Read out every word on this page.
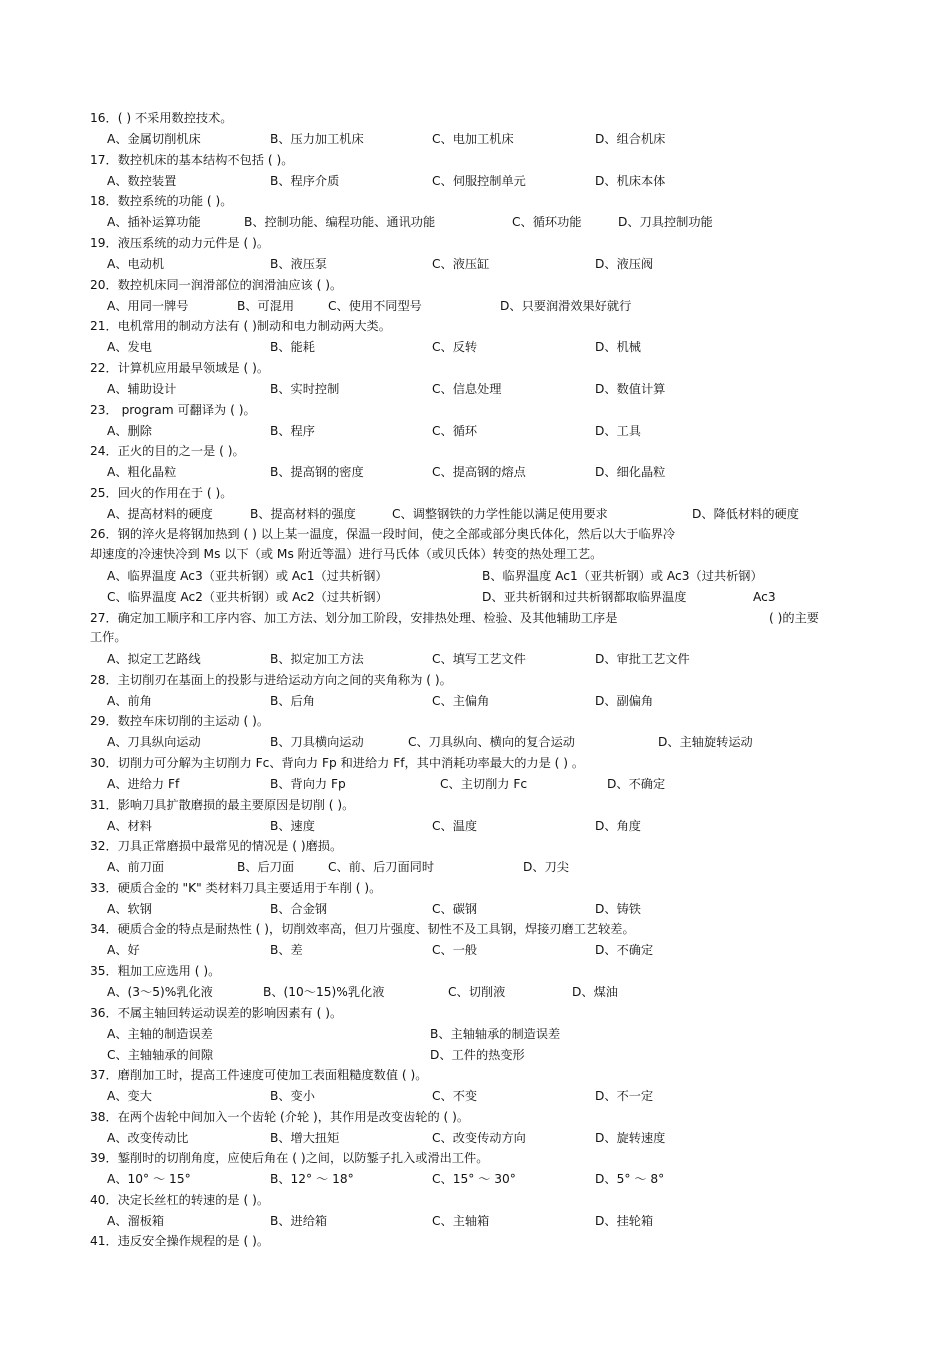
16．( ) 不采用数控技术。
A、金属切削机床	B、压力加工机床	C、电加工机床	D、组合机床
17．数控机床的基本结构不包括 ( )。
A、数控装置	B、程序介质	C、伺服控制单元	D、机床本体
18．数控系统的功能 ( )。
A、插补运算功能	B、控制功能、编程功能、通讯功能	C、循环功能	D、刀具控制功能
19．液压系统的动力元件是 ( )。
A、电动机	B、液压泵	C、液压缸	D、液压阀
20．数控机床同一润滑部位的润滑油应该 ( )。
A、用同一牌号	B、可混用	C、使用不同型号	D、只要润滑效果好就行
21．电机常用的制动方法有 ( )制动和电力制动两大类。
A、发电	B、能耗	C、反转	D、机械
22．计算机应用最早领域是 ( )。
A、辅助设计	B、实时控制	C、信息处理	D、数值计算
23． program 可翻译为 ( )。
A、删除	B、程序	C、循环	D、工具
24．正火的目的之一是 ( )。
A、粗化晶粒	B、提高钢的密度	C、提高钢的熔点	D、细化晶粒
25．回火的作用在于 ( )。
A、提高材料的硬度	B、提高材料的强度	C、调整钢铁的力学性能以满足使用要求	D、降低材料的硬度
26．钢的淬火是将钢加热到 ( ) 以上某一温度，保温一段时间，使之全部或部分奥氏体化，然后以大于临界冷
却速度的冷速快冷到 Ms 以下（或 Ms 附近等温）进行马氏体（或贝氏体）转变的热处理工艺。
A、临界温度 Ac3（亚共析钢）或 Ac1（过共析钢）	B、临界温度 Ac1（亚共析钢）或 Ac3（过共析钢）
C、临界温度 Ac2（亚共析钢）或 Ac2（过共析钢）	D、亚共析钢和过共析钢都取临界温度	Ac3
27．确定加工顺序和工序内容、加工方法、划分加工阶段，安排热处理、检验、及其他辅助工序是	( )的主要
工作。
A、拟定工艺路线	B、拟定加工方法	C、填写工艺文件	D、审批工艺文件
28．主切削刃在基面上的投影与进给运动方向之间的夹角称为 ( )。
A、前角	B、后角	C、主偏角	D、副偏角
29．数控车床切削的主运动 ( )。
A、刀具纵向运动	B、刀具横向运动	C、刀具纵向、横向的复合运动	D、主轴旋转运动
30．切削力可分解为主切削力 Fc、背向力 Fp 和进给力 Ff，其中消耗功率最大的力是 ( ) 。
A、进给力 Ff	B、背向力 Fp	C、主切削力 Fc	D、不确定
31．影响刀具扩散磨损的最主要原因是切削 ( )。
A、材料	B、速度	C、温度	D、角度
32．刀具正常磨损中最常见的情况是 ( )磨损。
A、前刀面	B、后刀面	C、前、后刀面同时	D、刀尖
33．硬质合金的 "K" 类材料刀具主要适用于车削 ( )。
A、软钢	B、合金钢	C、碳钢	D、铸铁
34．硬质合金的特点是耐热性 ( )，切削效率高，但刀片强度、韧性不及工具钢，焊接刃磨工艺较差。
A、好	B、差	C、一般	D、不确定
35．粗加工应选用 ( )。
A、(3～5)%乳化液	B、(10～15)%乳化液	C、切削液	D、煤油
36．不属主轴回转运动误差的影响因素有 ( )。
A、主轴的制造误差	B、主轴轴承的制造误差
C、主轴轴承的间隙	D、工件的热变形
37．磨削加工时，提高工件速度可使加工表面粗糙度数值 ( )。
A、变大	B、变小	C、不变	D、不一定
38．在两个齿轮中间加入一个齿轮 (介轮 )，其作用是改变齿轮的 ( )。
A、改变传动比	B、增大扭矩	C、改变传动方向	D、旋转速度
39．錾削时的切削角度，应使后角在 ( )之间，以防錾子扎入或滑出工件。
A、10° ～ 15°	B、12° ～ 18°	C、15° ～ 30°	D、5° ～ 8°
40．决定长丝杠的转速的是 ( )。
A、溜板箱	B、进给箱	C、主轴箱	D、挂轮箱
41．违反安全操作规程的是 ( )。
